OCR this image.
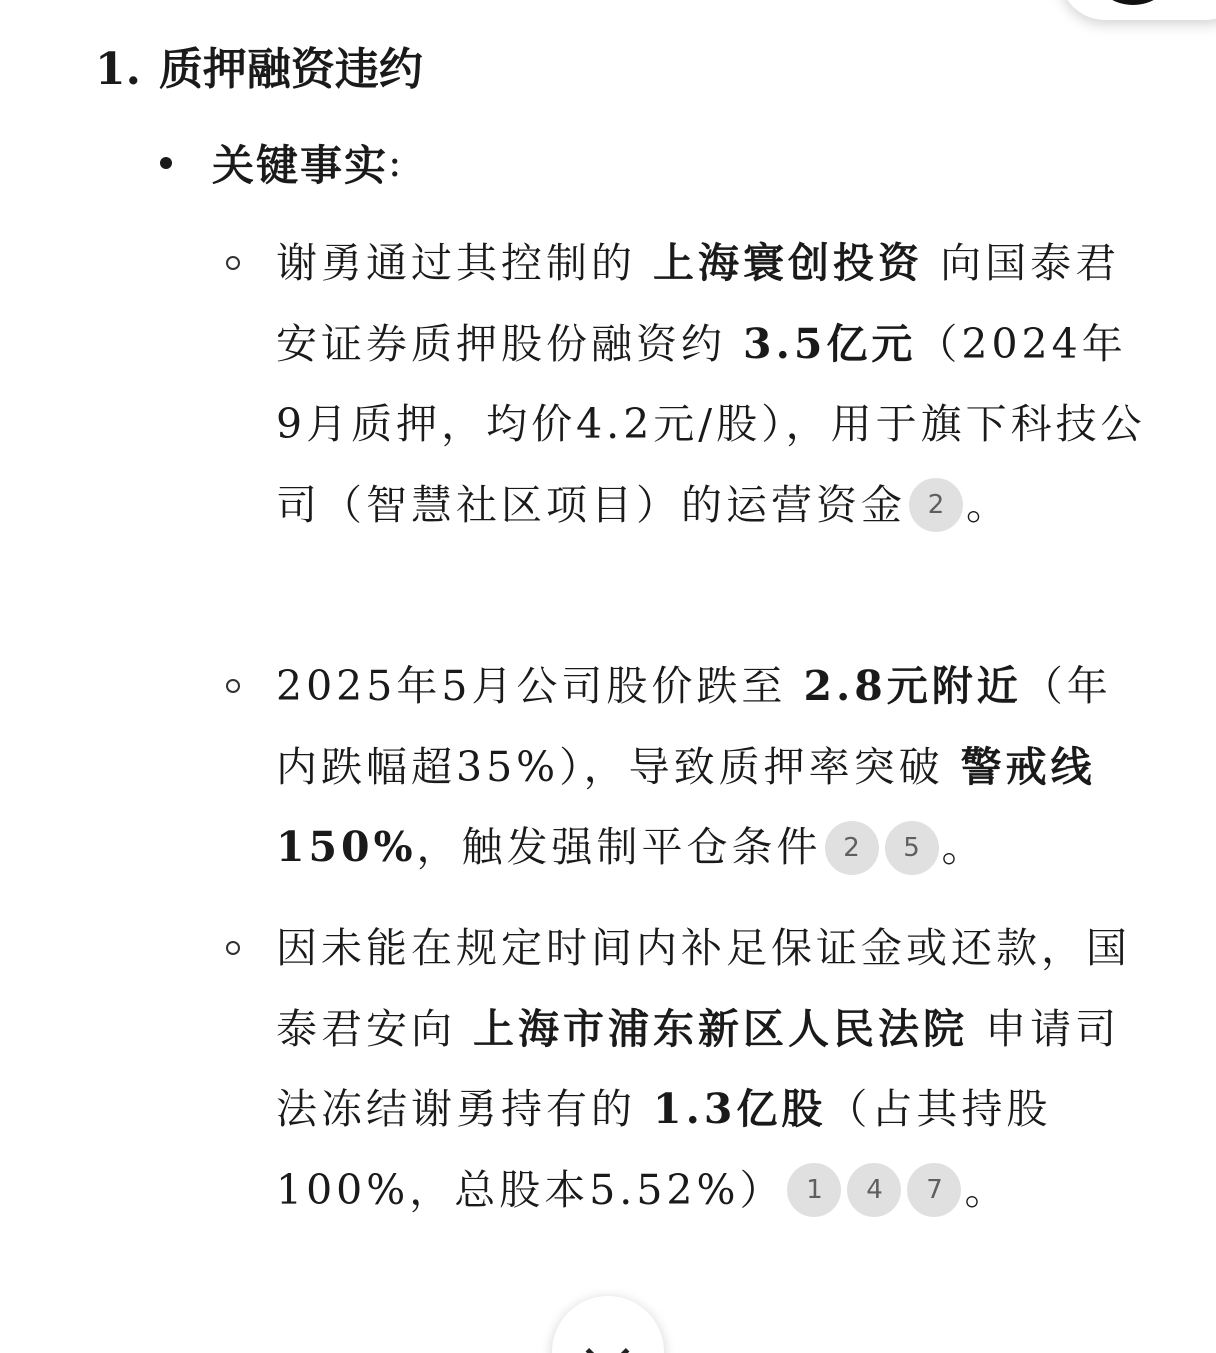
1. 质押融资违约
关键事实 :
谢勇通过其控制的 上海寰创投资 向国泰君安证券质押股份融资约 3.5亿元（2024年9月质押，均价4.2元/股），用于旗下科技公司（智慧社区项目）的运营资金 2 。
2025年5月公司股价跌至 2.8元附近（年内跌幅超35%），导致质押率突破 警戒线150%，触发强制平仓条件 2 5 。
因未能在规定时间内补足保证金或还款，国泰君安向 上海市浦东新区人民法院 申请司法冻结谢勇持有的 1.3亿股（占其持股100%，总股本5.52%） 1 4 7 。
